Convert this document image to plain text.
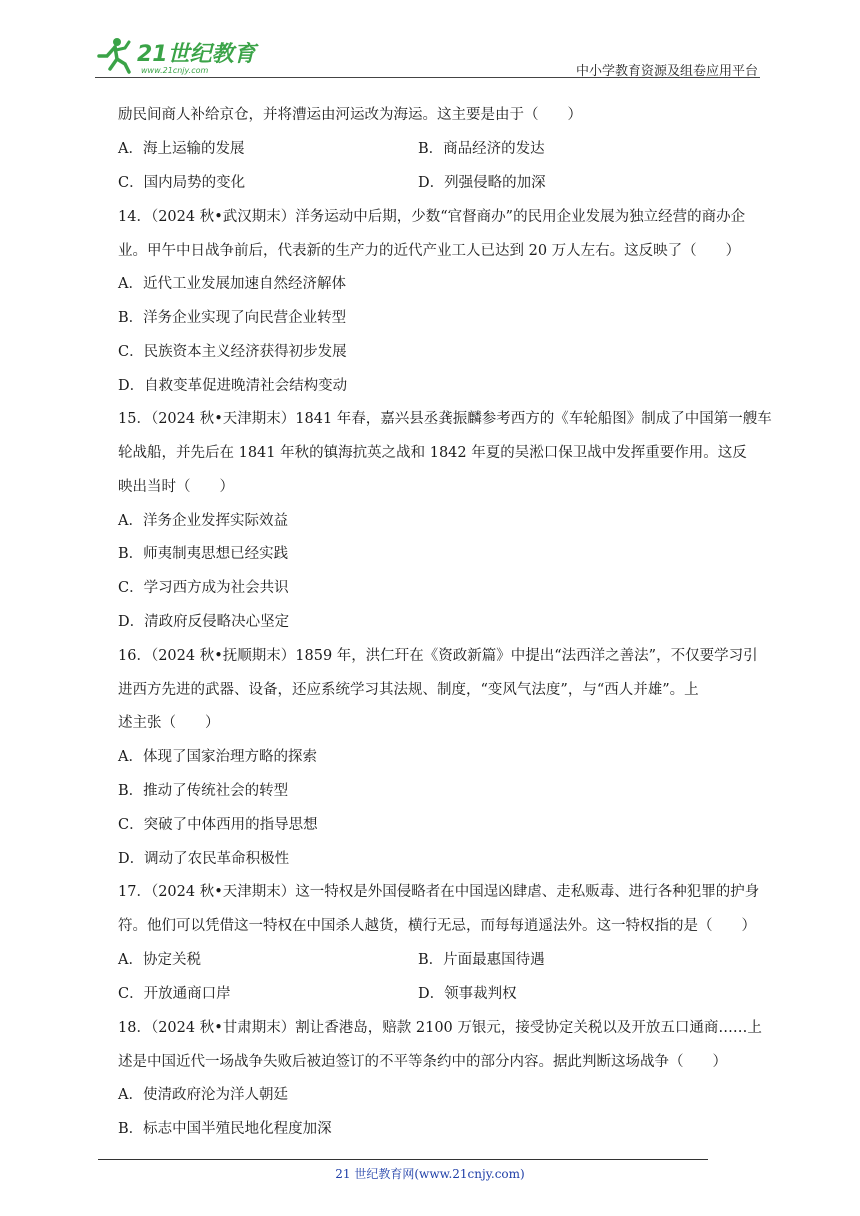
21世纪教育
www.21cnjy.com	中小学教育资源及组卷应用平台
励民间商人补给京仓，并将漕运由河运改为海运。这主要是由于（　　）
A．海上运输的发展	B．商品经济的发达
C．国内局势的变化	D．列强侵略的加深
14．（2024 秋•武汉期末）洋务运动中后期，少数“官督商办”的民用企业发展为独立经营的商办企
业。甲午中日战争前后，代表新的生产力的近代产业工人已达到 20 万人左右。这反映了（　　）
A．近代工业发展加速自然经济解体
B．洋务企业实现了向民营企业转型
C．民族资本主义经济获得初步发展
D．自救变革促进晚清社会结构变动
15．（2024 秋•天津期末）1841 年春，嘉兴县丞龚振麟参考西方的《车轮船图》制成了中国第一艘车
轮战船，并先后在 1841 年秋的镇海抗英之战和 1842 年夏的吴淞口保卫战中发挥重要作用。这反
映出当时（　　）
A．洋务企业发挥实际效益
B．师夷制夷思想已经实践
C．学习西方成为社会共识
D．清政府反侵略决心坚定
16．（2024 秋•抚顺期末）1859 年，洪仁玕在《资政新篇》中提出“法西洋之善法”，不仅要学习引
进西方先进的武器、设备，还应系统学习其法规、制度，“变风气法度”，与“西人并雄”。上
述主张（　　）
A．体现了国家治理方略的探索
B．推动了传统社会的转型
C．突破了中体西用的指导思想
D．调动了农民革命积极性
17．（2024 秋•天津期末）这一特权是外国侵略者在中国逞凶肆虐、走私贩毒、进行各种犯罪的护身
符。他们可以凭借这一特权在中国杀人越货，横行无忌，而每每逍遥法外。这一特权指的是（　　）
A．协定关税	B．片面最惠国待遇
C．开放通商口岸	D．领事裁判权
18．（2024 秋•甘肃期末）割让香港岛，赔款 2100 万银元，接受协定关税以及开放五口通商……上
述是中国近代一场战争失败后被迫签订的不平等条约中的部分内容。据此判断这场战争（　　）
A．使清政府沦为洋人朝廷
B．标志中国半殖民地化程度加深
21 世纪教育网(www.21cnjy.com)
